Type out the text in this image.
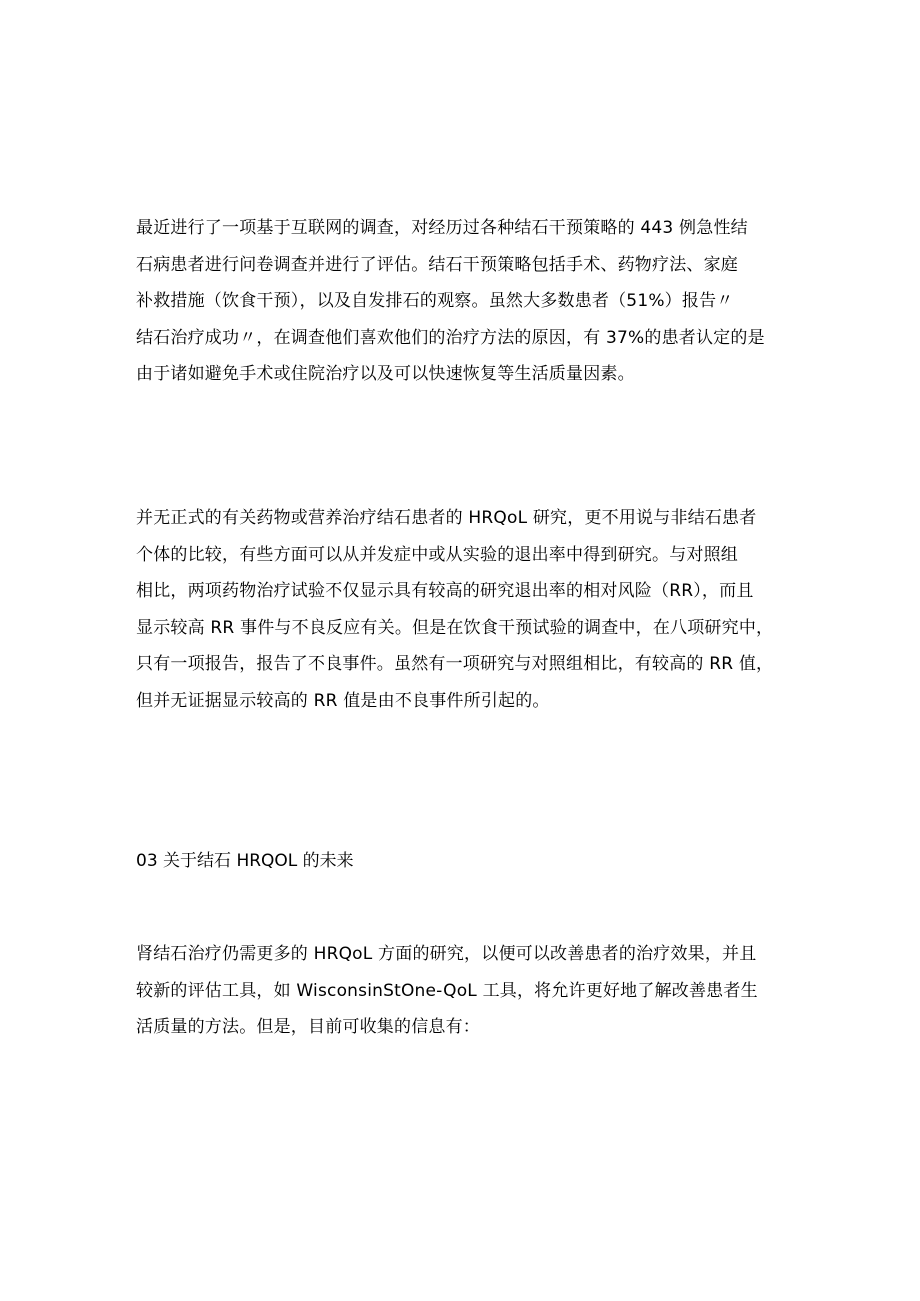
最近进行了一项基于互联网的调查，对经历过各种结石干预策略的 443 例急性结
石病患者进行问卷调查并进行了评估。结石干预策略包括手术、药物疗法、家庭
补救措施（饮食干预），以及自发排石的观察。虽然大多数患者（51%）报告〃
结石治疗成功〃，在调查他们喜欢他们的治疗方法的原因，有 37%的患者认定的是
由于诸如避免手术或住院治疗以及可以快速恢复等生活质量因素。
并无正式的有关药物或营养治疗结石患者的 HRQoL 研究，更不用说与非结石患者
个体的比较，有些方面可以从并发症中或从实验的退出率中得到研究。与对照组
相比，两项药物治疗试验不仅显示具有较高的研究退出率的相对风险（RR），而且
显示较高 RR 事件与不良反应有关。但是在饮食干预试验的调查中，在八项研究中，
只有一项报告，报告了不良事件。虽然有一项研究与对照组相比，有较高的 RR 值，
但并无证据显示较高的 RR 值是由不良事件所引起的。
03 关于结石 HRQOL 的未来
肾结石治疗仍需更多的 HRQoL 方面的研究，以便可以改善患者的治疗效果，并且
较新的评估工具，如 WisconsinStOne-QoL 工具，将允许更好地了解改善患者生
活质量的方法。但是，目前可收集的信息有：
